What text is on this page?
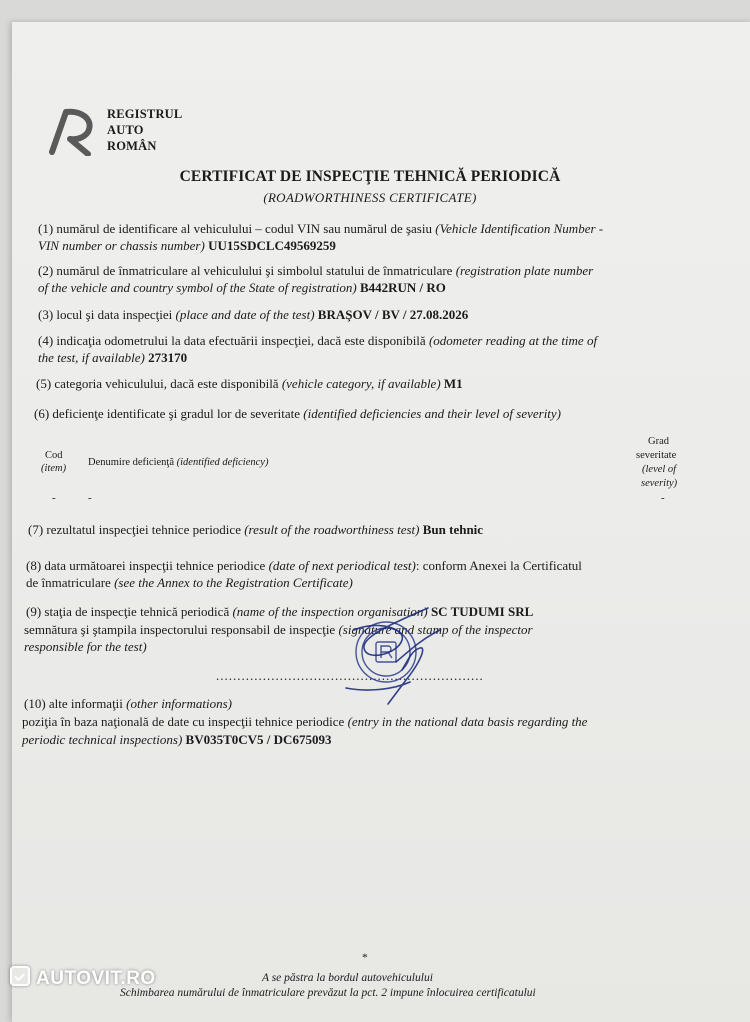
REGISTRUL
AUTO
ROMÂN
CERTIFICAT DE INSPECŢIE TEHNICĂ PERIODICĂ
(ROADWORTHINESS CERTIFICATE)
(1) numărul de identificare al vehiculului – codul VIN sau numărul de şasiu (Vehicle Identification Number -
VIN number or chassis number) UU15SDCLC49569259
(2) numărul de înmatriculare al vehiculului şi simbolul statului de înmatriculare (registration plate number
of the vehicle and country symbol of the State of registration) B442RUN / RO
(3) locul şi data inspecţiei (place and date of the test) BRAŞOV / BV / 27.08.2026
(4) indicaţia odometrului la data efectuării inspecţiei, dacă este disponibilă (odometer reading at the time of
the test, if available) 273170
(5) categoria vehiculului, dacă este disponibilă (vehicle category, if available) M1
(6) deficienţe identificate şi gradul lor de severitate (identified deficiencies and their level of severity)
Cod
(item)
Denumire deficienţă (identified deficiency)
Grad
severitate
(level of
severity)
-	-	-
(7) rezultatul inspecţiei tehnice periodice (result of the roadworthiness test) Bun tehnic
(8) data următoarei inspecţii tehnice periodice (date of next periodical test): conform Anexei la Certificatul
de înmatriculare (see the Annex to the Registration Certificate)
(9) staţia de inspecţie tehnică periodică (name of the inspection organisation) SC TUDUMI SRL
semnătura şi ştampila inspectorului responsabil de inspecţie (signature and stamp of the inspector
responsible for the test)
...............................................................
(10) alte informaţii (other informations)
poziţia în baza naţională de date cu inspecţii tehnice periodice (entry in the national data basis regarding the
periodic technical inspections) BV035T0CV5 / DC675093
*
A se păstra la bordul autovehiculului
Schimbarea numărului de înmatriculare prevăzut la pct. 2 impune înlocuirea certificatului
AUTOVIT.RO
